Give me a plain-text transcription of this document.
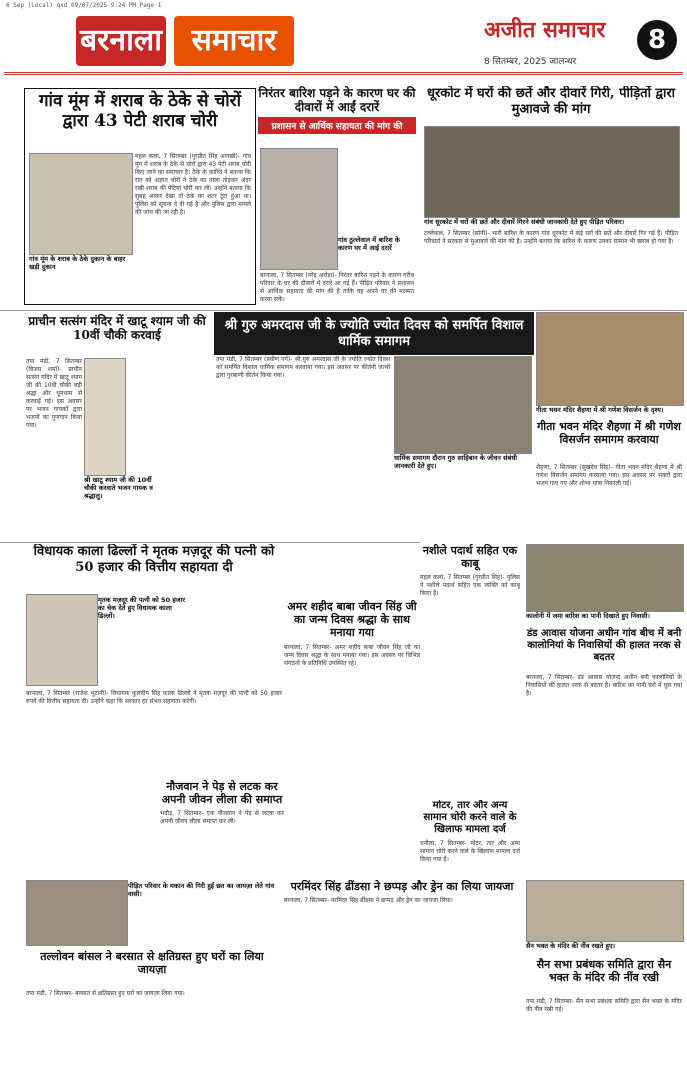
6 Sep (Local) qxd 09/07/2025 9:24 PM Page 1
बरनाला समाचार	अजीत समाचार
8 सितम्बर, 2025 जालन्धर
8
गांव मूंम में शराब के ठेके से चोरों द्वारा 43 पेटी शराब चोरी
गांव मूंम के शराब के ठेके दुकान के बाहर खड़ी दुकान
महल कलां, 7 सितम्बर (गुरप्रीत सिंह अणखी)- गांव मूंम में शराब के ठेके से चोरों द्वारा 43 पेटी शराब चोरी किए जाने का समाचार है। ठेके के कारिंदे ने बताया कि रात को अज्ञात चोरों ने ठेके का ताला तोड़कर अंदर रखी शराब की पेटियां चोरी कर लीं। उन्होंने बताया कि सुबह आकर देखा तो ठेके का शटर टूटा हुआ था। पुलिस को सूचना दे दी गई है और पुलिस द्वारा मामले की जांच की जा रही है।
निरंतर बारिश पड़ने के कारण घर की दीवारों में आईं दरारें
प्रशासन से आर्थिक सहायता की मांग की
गांव ठुल्लेवाल में बारिश के कारण घर में आई दरारें
बरनाला, 7 सितम्बर (नरेंद्र अरोड़ा)- निरंतर बारिश पड़ने के कारण गरीब परिवार के घर की दीवारों में दरारें आ गई हैं। पीड़ित परिवार ने प्रशासन से आर्थिक सहायता की मांग की है ताकि वह अपने घर की मरम्मत करवा सकें।
धूरकोट में घरों की छतें और दीवारें गिरी, पीड़ितों द्वारा मुआवजे की मांग
गांव धूरकोट में घरों की छतें और दीवारें गिरने संबंधी जानकारी देते हुए पीड़ित परिवार।
टल्लेवाल, 7 सितम्बर (सोनी)- भारी बारिश के कारण गांव धूरकोट में कई घरों की छतें और दीवारें गिर गई हैं। पीड़ित परिवारों ने सरकार से मुआवजे की मांग की है। उन्होंने बताया कि बारिश के कारण उनका सामान भी खराब हो गया है।
प्राचीन सत्संग मंदिर में खाटू श्याम जी की 10वीं चौकी करवाई
श्री खाटू श्याम जी की 10वीं चौकी करवाते भजन गायक व श्रद्धालु।
तपा मंडी, 7 सितम्बर (विजय शर्मा)- प्राचीन सत्संग मंदिर में खाटू श्याम जी की 10वीं चौकी बड़ी श्रद्धा और धूमधाम से करवाई गई। इस अवसर पर भजन गायकों द्वारा भजनों का गुणगान किया गया।
श्री गुरु अमरदास जी के ज्योति ज्योत दिवस को समर्पित विशाल धार्मिक समागम
धार्मिक समागम दौरान गुरु साहिबान के जीवन संबंधी जानकारी देते हुए।
तपा मंडी, 7 सितम्बर (प्रवीण गर्ग)- श्री गुरु अमरदास जी के ज्योति ज्योत दिवस को समर्पित विशाल धार्मिक समागम करवाया गया। इस अवसर पर कीर्तनी जत्थों द्वारा गुरबाणी कीर्तन किया गया।
गीता भवन मंदिर शैहणा में श्री गणेश विसर्जन के दृश्य।
गीता भवन मंदिर शैहणा में श्री गणेश विसर्जन समागम करवाया
शैहणा, 7 सितम्बर (सुखदेव सिंह)- गीता भवन मंदिर शैहणा में श्री गणेश विसर्जन समागम करवाया गया। इस अवसर पर भक्तों द्वारा भजन गाए गए और शोभा यात्रा निकाली गई।
विधायक काला ढिल्लों ने मृतक मज़दूर की पत्नी को 50 हजार की वित्तीय सहायता दी
मृतक मज़दूर की पत्नी को 50 हजार का चेक देते हुए विधायक काला ढिल्लों।
बरनाला, 7 सितम्बर (राजेश भुटानी)- विधायक कुलदीप सिंह काला ढिल्लों ने मृतक मज़दूर की पत्नी को 50 हजार रुपये की वित्तीय सहायता दी। उन्होंने कहा कि सरकार हर संभव सहायता करेगी।
नशीले पदार्थ सहित एक काबू
महल कलां, 7 सितम्बर (गुरप्रीत सिंह)- पुलिस ने नशीले पदार्थ सहित एक व्यक्ति को काबू किया है।
अमर शहीद बाबा जीवन सिंह जी का जन्म दिवस श्रद्धा के साथ मनाया गया
बरनाला, 7 सितम्बर- अमर शहीद बाबा जीवन सिंह जी का जन्म दिवस श्रद्धा के साथ मनाया गया। इस अवसर पर विभिन्न संगठनों के प्रतिनिधि उपस्थित रहे।
कालोनी में जमा बारिश का पानी दिखाते हुए निवासी।
डंड आवास योजना अधीन गांव बीच में बनी कालोनियां के निवासियों की हालत नरक से बदतर
बरनाला, 7 सितम्बर- डंड आवास योजना अधीन बनी कालोनियों के निवासियों की हालत नरक से बदतर है। बारिश का पानी घरों में घुस गया है।
नौजवान ने पेड़ से लटक कर अपनी जीवन लीला की समाप्त
भदौड़, 7 सितम्बर- एक नौजवान ने पेड़ से लटक कर अपनी जीवन लीला समाप्त कर ली।
मोटर, तार और अन्य सामान चोरी करने वाले के खिलाफ मामला दर्ज
धनौला, 7 सितम्बर- मोटर, तार और अन्य सामान चोरी करने वाले के खिलाफ मामला दर्ज किया गया है।
परमिंदर सिंह ढींडसा ने छप्पड़ और ड्रेन का लिया जायजा
बरनाला, 7 सितम्बर- परमिंदर सिंह ढींडसा ने छप्पड़ और ड्रेन का जायजा लिया।
पीड़ित परिवार के मकान की गिरी हुई छत का जायज़ा लेते गांव वासी।
तल्लोवन बांसल ने बरसात से क्षतिग्रस्त हुए घरों का लिया जायज़ा
तपा मंडी, 7 सितम्बर- बरसात से क्षतिग्रस्त हुए घरों का जायज़ा लिया गया।
सैन भक्त के मंदिर की नींव रखते हुए।
सैन सभा प्रबंधक समिति द्वारा सैन भक्त के मंदिर की नींव रखी
तपा मंडी, 7 सितम्बर- सैन सभा प्रबंधक समिति द्वारा सैन भक्त के मंदिर की नींव रखी गई।
